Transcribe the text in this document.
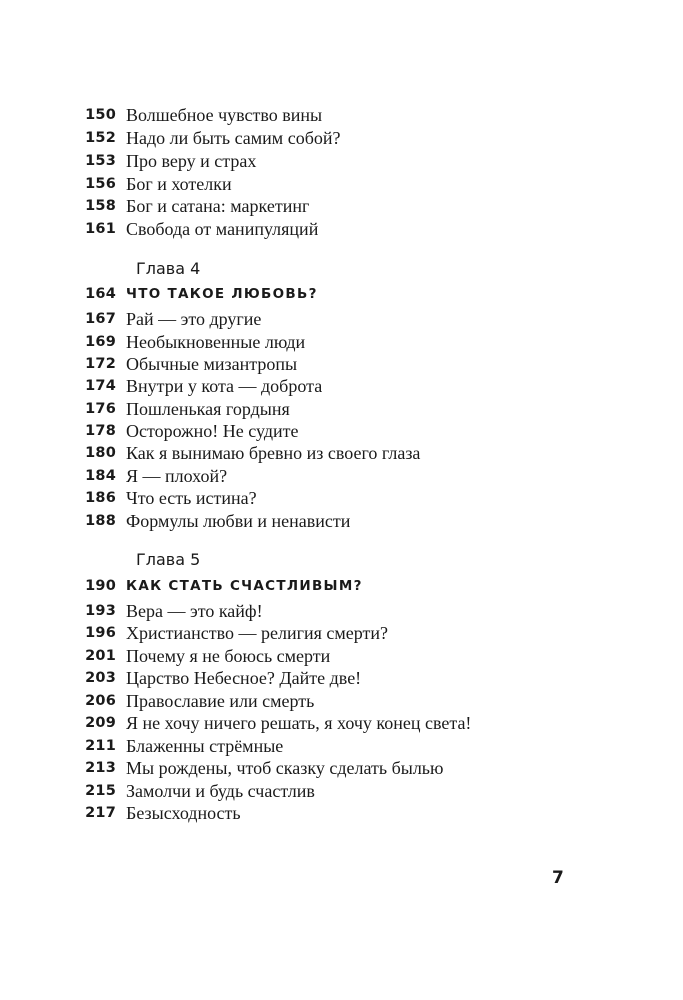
150 Волшебное чувство вины
152 Надо ли быть самим собой?
153 Про веру и страх
156 Бог и хотелки
158 Бог и сатана: маркетинг
161 Свобода от манипуляций
Глава 4
164 ЧТО ТАКОЕ ЛЮБОВЬ?
167 Рай — это другие
169 Необыкновенные люди
172 Обычные мизантропы
174 Внутри у кота — доброта
176 Пошленькая гордыня
178 Осторожно! Не судите
180 Как я вынимаю бревно из своего глаза
184 Я — плохой?
186 Что есть истина?
188 Формулы любви и ненависти
Глава 5
190 КАК СТАТЬ СЧАСТЛИВЫМ?
193 Вера — это кайф!
196 Христианство — религия смерти?
201 Почему я не боюсь смерти
203 Царство Небесное? Дайте две!
206 Православие или смерть
209 Я не хочу ничего решать, я хочу конец света!
211 Блаженны стрёмные
213 Мы рождены, чтоб сказку сделать былью
215 Замолчи и будь счастлив
217 Безысходность
7
